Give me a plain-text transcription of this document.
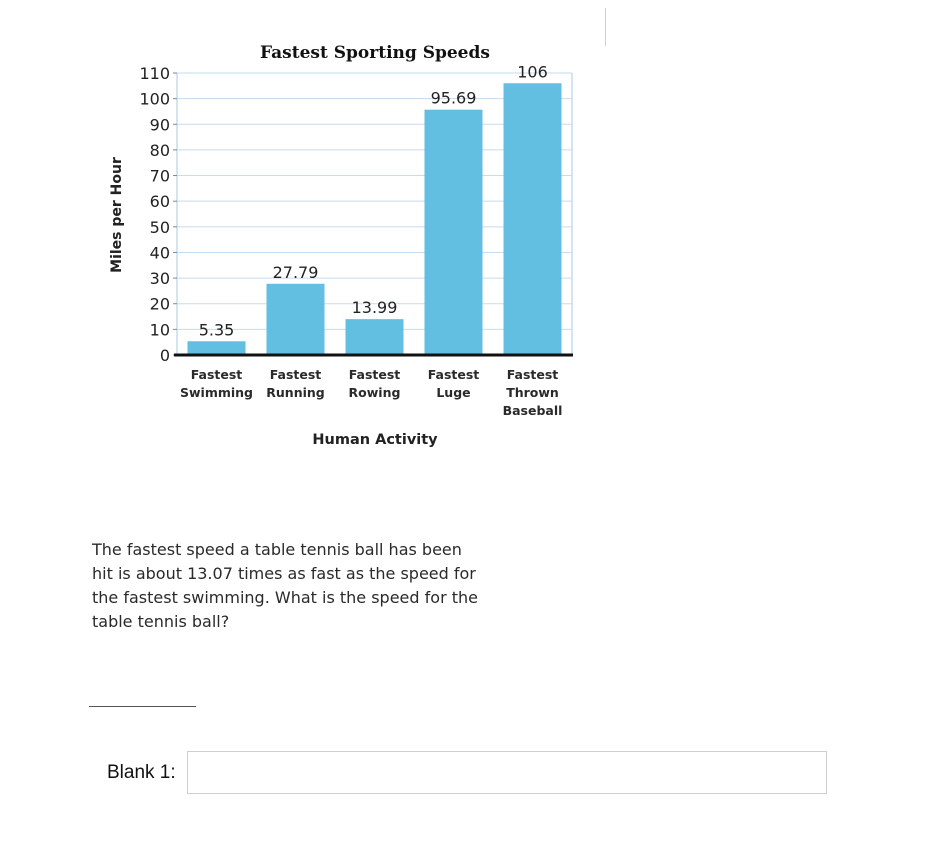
0
10
20
30
40
50
60
70
80
90
100
110
5.35
Fastest
Swimming
27.79
Fastest
Running
13.99
Fastest
Rowing
95.69
Fastest
Luge
106
Fastest
Thrown
Baseball
Fastest Sporting Speeds
Human Activity
Miles per Hour
The fastest speed a table tennis ball has been
hit is about 13.07 times as fast as the speed for
the fastest swimming. What is the speed for the
table tennis ball?
Blank 1:
